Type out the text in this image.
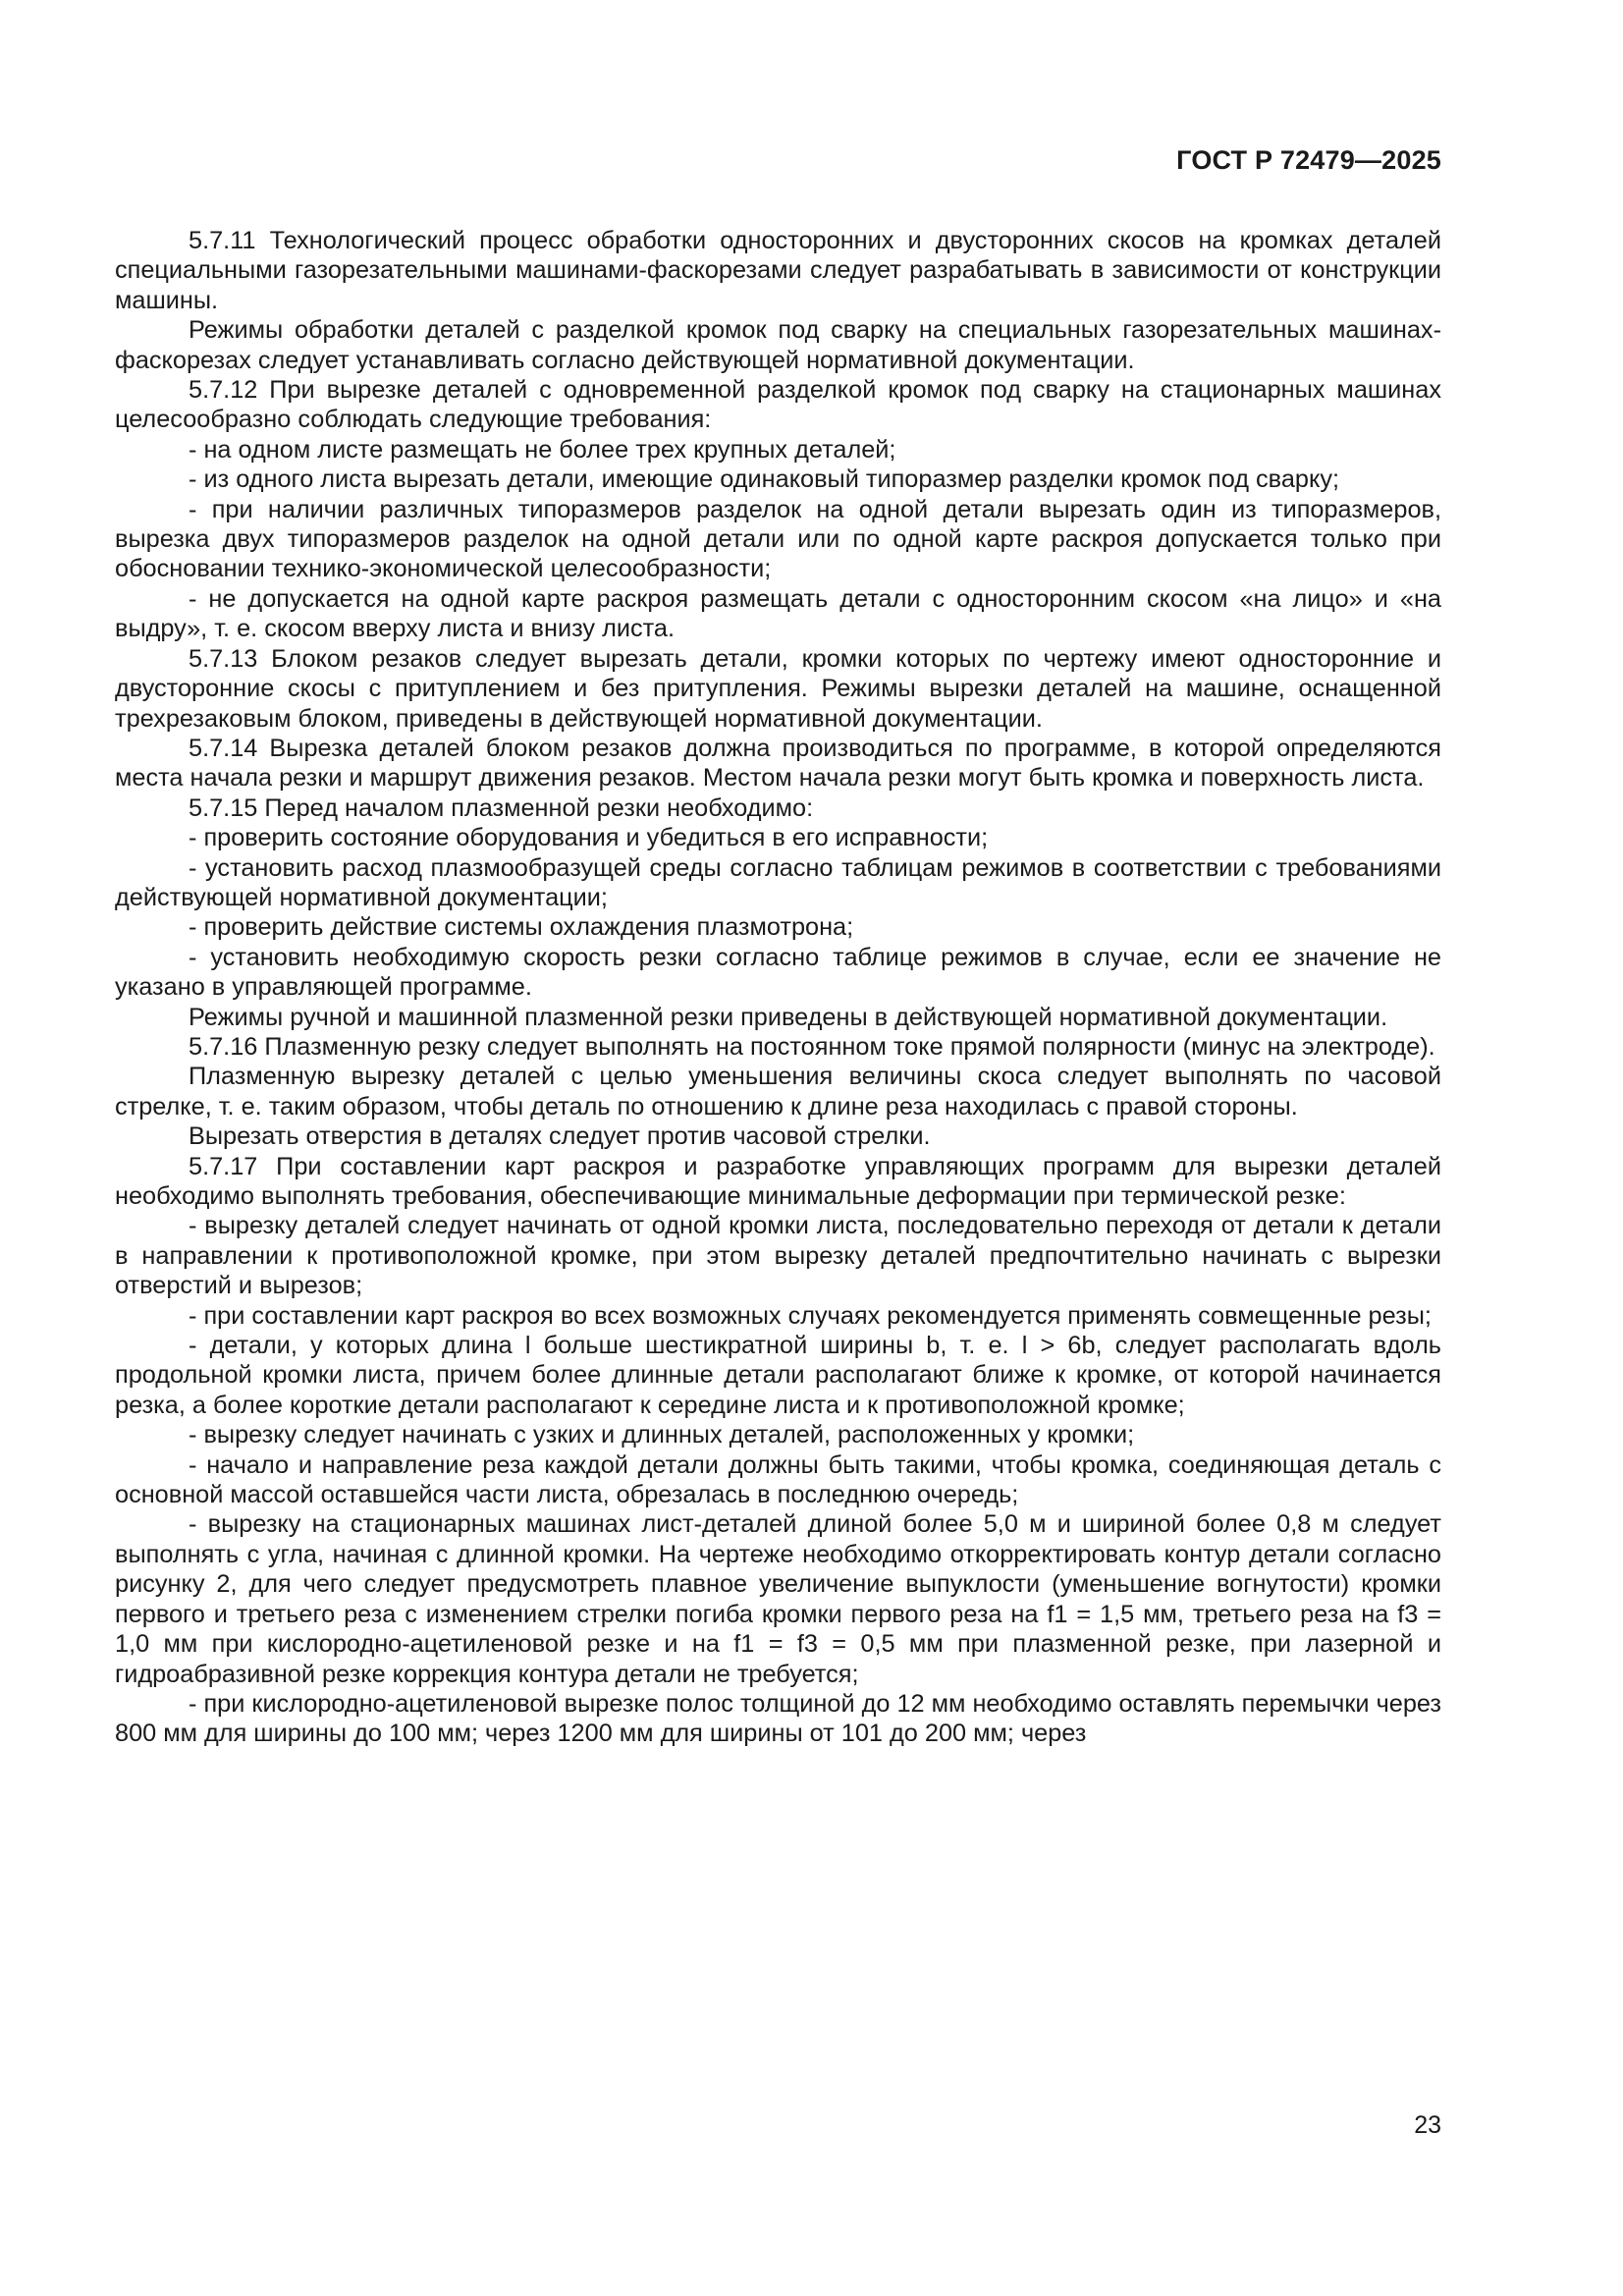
ГОСТ Р 72479—2025

5.7.11 Технологический процесс обработки односторонних и двусторонних скосов на кромках деталей специальными газорезательными машинами-фаскорезами следует разрабатывать в зависимости от конструкции машины.

Режимы обработки деталей с разделкой кромок под сварку на специальных газорезательных машинах-фаскорезах следует устанавливать согласно действующей нормативной документации.

5.7.12 При вырезке деталей с одновременной разделкой кромок под сварку на стационарных машинах целесообразно соблюдать следующие требования:

- на одном листе размещать не более трех крупных деталей;

- из одного листа вырезать детали, имеющие одинаковый типоразмер разделки кромок под сварку;

- при наличии различных типоразмеров разделок на одной детали вырезать один из типоразмеров, вырезка двух типоразмеров разделок на одной детали или по одной карте раскроя допускается только при обосновании технико-экономической целесообразности;

- не допускается на одной карте раскроя размещать детали с односторонним скосом «на лицо» и «на выдру», т. е. скосом вверху листа и внизу листа.

5.7.13 Блоком резаков следует вырезать детали, кромки которых по чертежу имеют односторонние и двусторонние скосы с притуплением и без притупления. Режимы вырезки деталей на машине, оснащенной трехрезаковым блоком, приведены в действующей нормативной документации.

5.7.14 Вырезка деталей блоком резаков должна производиться по программе, в которой определяются места начала резки и маршрут движения резаков. Местом начала резки могут быть кромка и поверхность листа.

5.7.15 Перед началом плазменной резки необходимо:

- проверить состояние оборудования и убедиться в его исправности;

- установить расход плазмообразущей среды согласно таблицам режимов в соответствии с требованиями действующей нормативной документации;

- проверить действие системы охлаждения плазмотрона;

- установить необходимую скорость резки согласно таблице режимов в случае, если ее значение не указано в управляющей программе.

Режимы ручной и машинной плазменной резки приведены в действующей нормативной документации.

5.7.16 Плазменную резку следует выполнять на постоянном токе прямой полярности (минус на электроде).

Плазменную вырезку деталей с целью уменьшения величины скоса следует выполнять по часовой стрелке, т. е. таким образом, чтобы деталь по отношению к длине реза находилась с правой стороны.

Вырезать отверстия в деталях следует против часовой стрелки.

5.7.17 При составлении карт раскроя и разработке управляющих программ для вырезки деталей необходимо выполнять требования, обеспечивающие минимальные деформации при термической резке:

- вырезку деталей следует начинать от одной кромки листа, последовательно переходя от детали к детали в направлении к противоположной кромке, при этом вырезку деталей предпочтительно начинать с вырезки отверстий и вырезов;

- при составлении карт раскроя во всех возможных случаях рекомендуется применять совмещенные резы;

- детали, у которых длина l больше шестикратной ширины b, т. е. l > 6b, следует располагать вдоль продольной кромки листа, причем более длинные детали располагают ближе к кромке, от которой начинается резка, а более короткие детали располагают к середине листа и к противоположной кромке;

- вырезку следует начинать с узких и длинных деталей, расположенных у кромки;

- начало и направление реза каждой детали должны быть такими, чтобы кромка, соединяющая деталь с основной массой оставшейся части листа, обрезалась в последнюю очередь;

- вырезку на стационарных машинах лист-деталей длиной более 5,0 м и шириной более 0,8 м следует выполнять с угла, начиная с длинной кромки. На чертеже необходимо откорректировать контур детали согласно рисунку 2, для чего следует предусмотреть плавное увеличение выпуклости (уменьшение вогнутости) кромки первого и третьего реза с изменением стрелки погиба кромки первого реза на f1 = 1,5 мм, третьего реза на f3 = 1,0 мм при кислородно-ацетиленовой резке и на f1 = f3 = 0,5 мм при плазменной резке, при лазерной и гидроабразивной резке коррекция контура детали не требуется;

- при кислородно-ацетиленовой вырезке полос толщиной до 12 мм необходимо оставлять перемычки через 800 мм для ширины до 100 мм; через 1200 мм для ширины от 101 до 200 мм; через

23
